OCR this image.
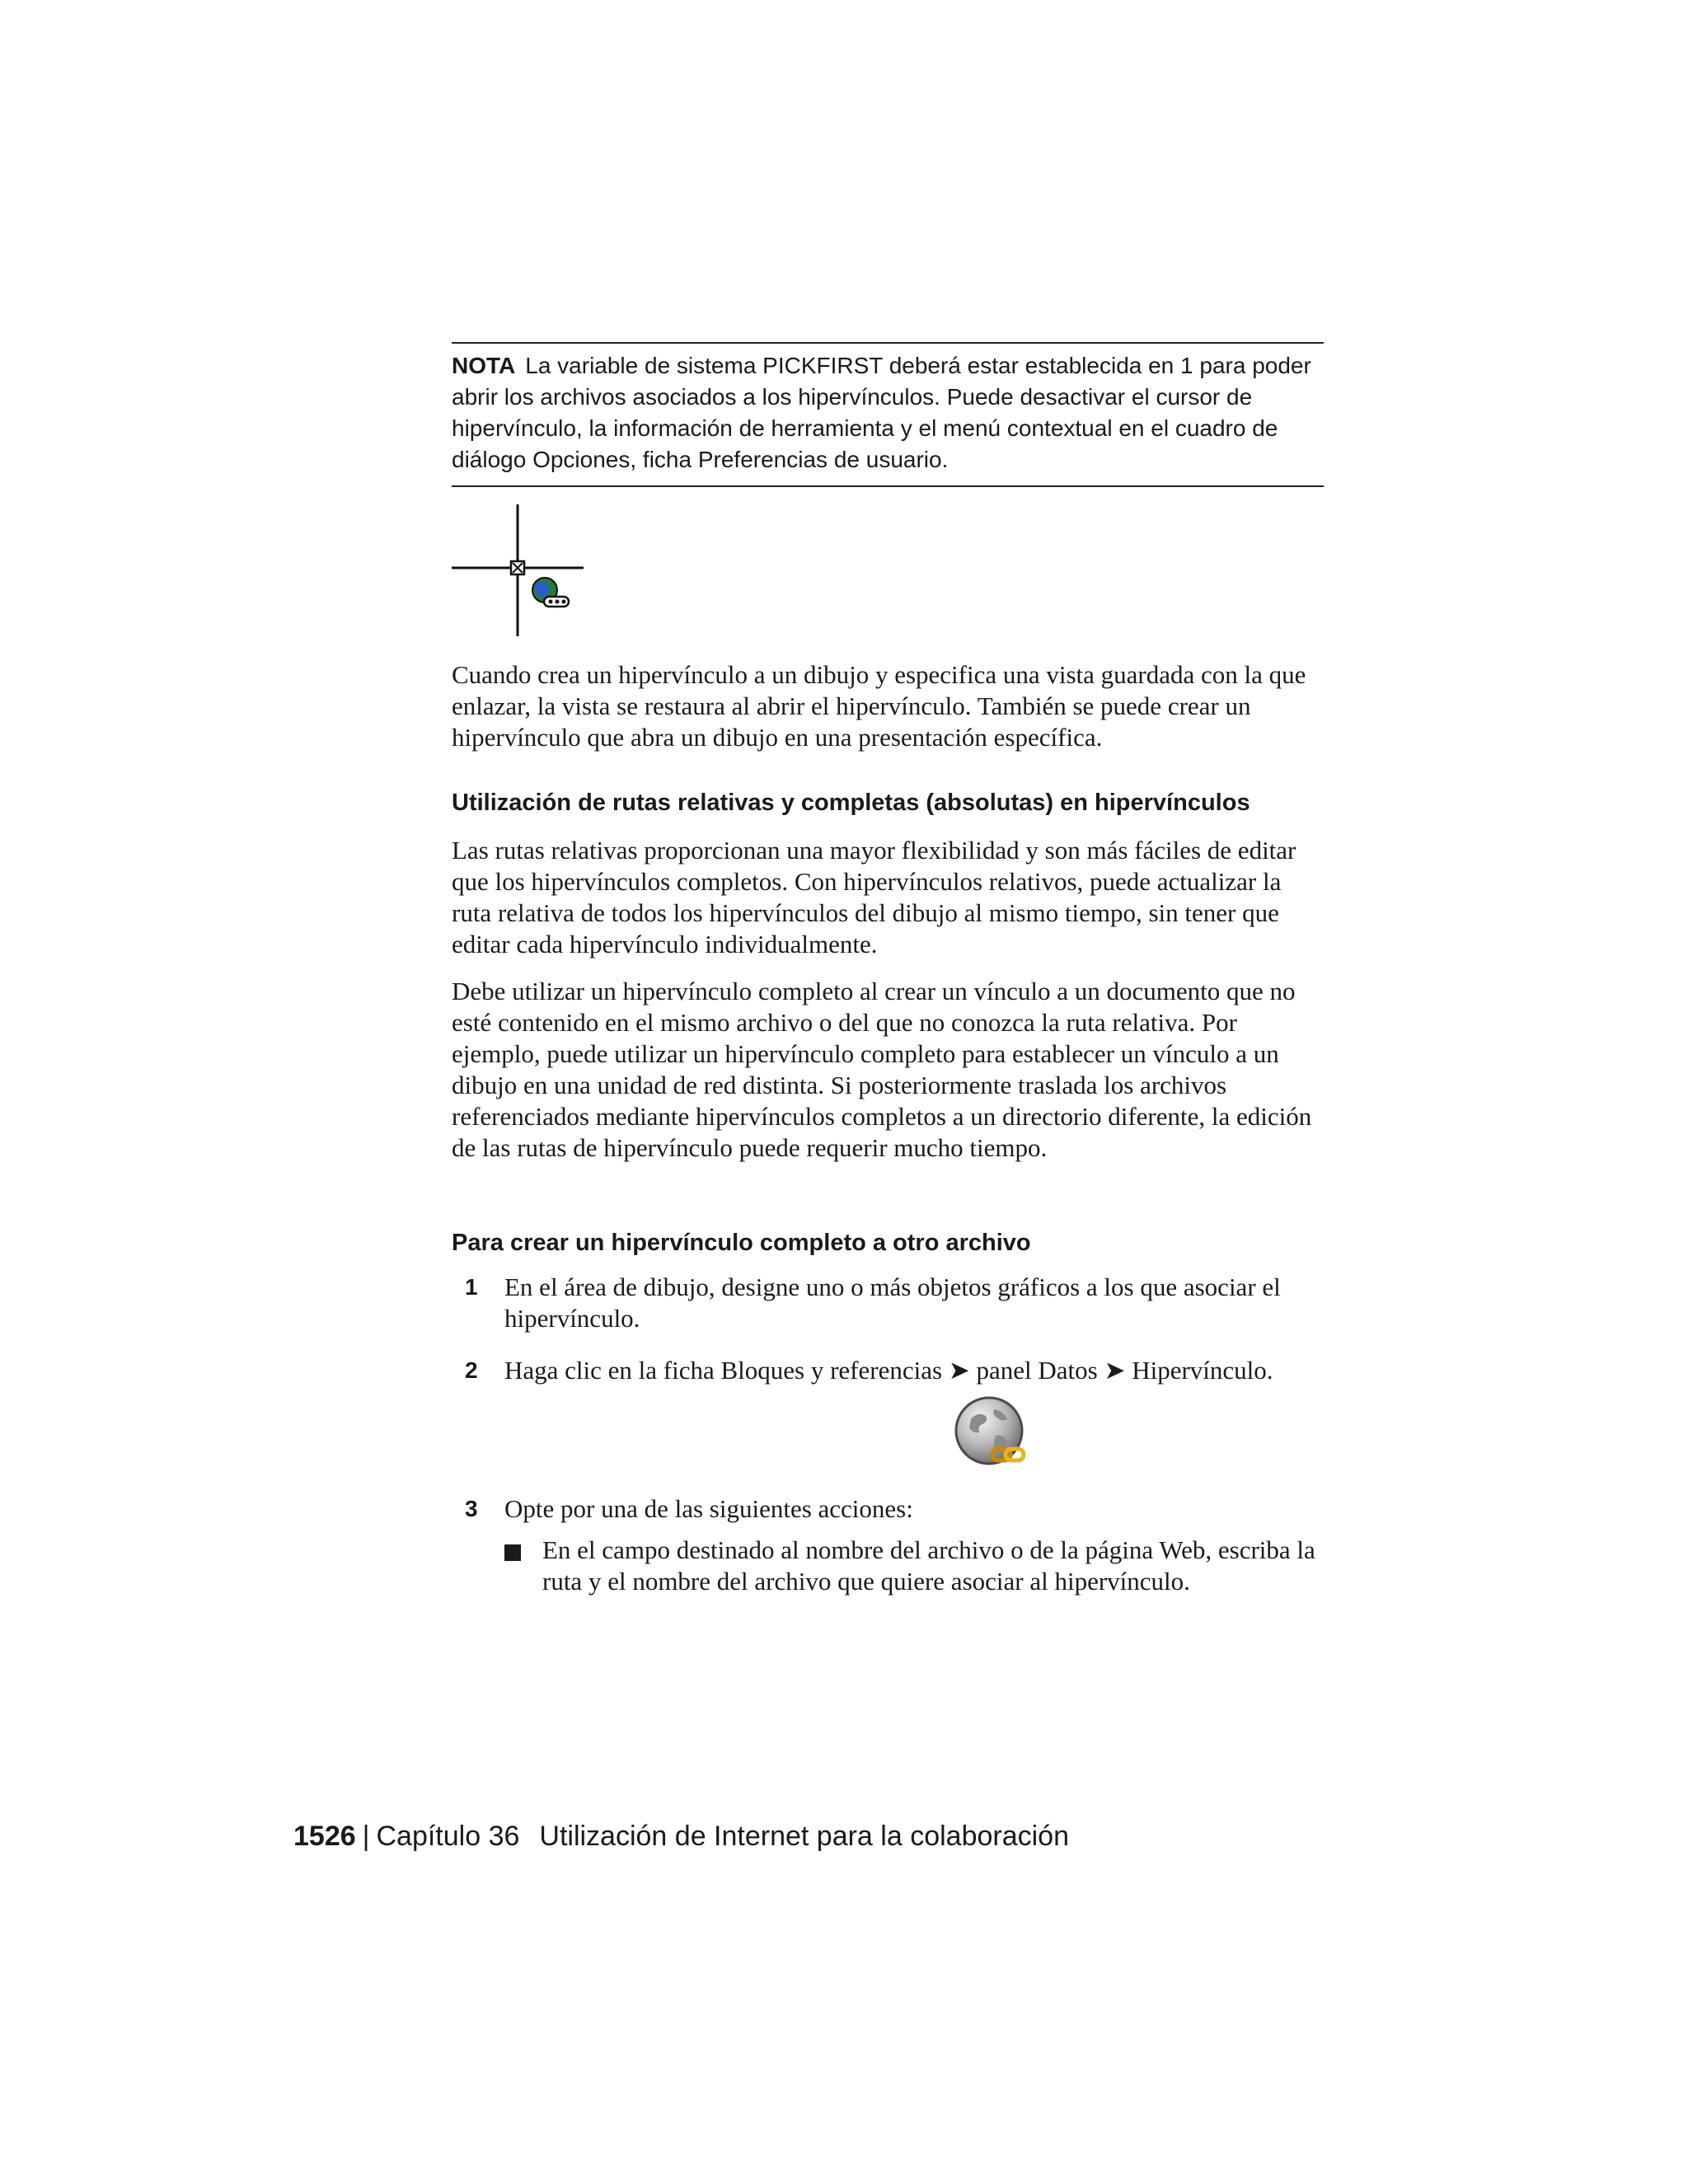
NOTA La variable de sistema PICKFIRST deberá estar establecida en 1 para poder abrir los archivos asociados a los hipervínculos. Puede desactivar el cursor de hipervínculo, la información de herramienta y el menú contextual en el cuadro de diálogo Opciones, ficha Preferencias de usuario.

Cuando crea un hipervínculo a un dibujo y especifica una vista guardada con la que enlazar, la vista se restaura al abrir el hipervínculo. También se puede crear un hipervínculo que abra un dibujo en una presentación específica.

Utilización de rutas relativas y completas (absolutas) en hipervínculos

Las rutas relativas proporcionan una mayor flexibilidad y son más fáciles de editar que los hipervínculos completos. Con hipervínculos relativos, puede actualizar la ruta relativa de todos los hipervínculos del dibujo al mismo tiempo, sin tener que editar cada hipervínculo individualmente.

Debe utilizar un hipervínculo completo al crear un vínculo a un documento que no esté contenido en el mismo archivo o del que no conozca la ruta relativa. Por ejemplo, puede utilizar un hipervínculo completo para establecer un vínculo a un dibujo en una unidad de red distinta. Si posteriormente traslada los archivos referenciados mediante hipervínculos completos a un directorio diferente, la edición de las rutas de hipervínculo puede requerir mucho tiempo.

Para crear un hipervínculo completo a otro archivo
1 En el área de dibujo, designe uno o más objetos gráficos a los que asociar el hipervínculo.
2 Haga clic en la ficha Bloques y referencias ➤ panel Datos ➤ Hipervínculo.
3 Opte por una de las siguientes acciones:
En el campo destinado al nombre del archivo o de la página Web, escriba la ruta y el nombre del archivo que quiere asociar al hipervínculo.
1526 | Capítulo 36 Utilización de Internet para la colaboración
